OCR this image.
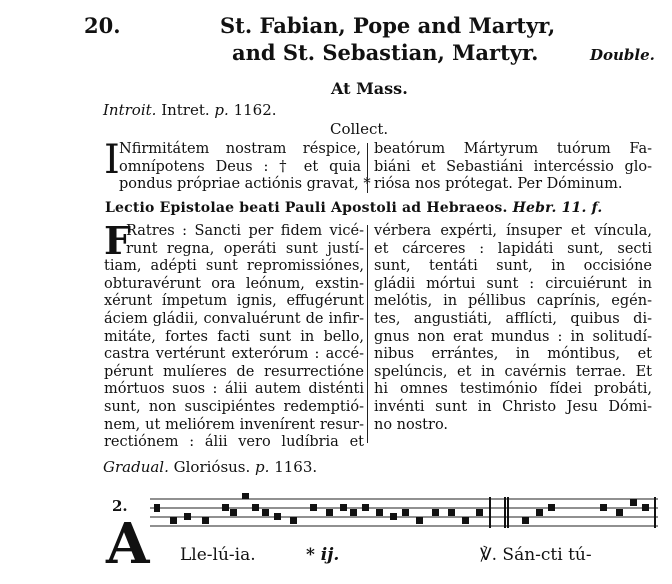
20.	St. Fabian, Pope and Martyr,
and St. Sebastian, Martyr.	Double.
At Mass.
Introit. Intret. p. 1162.
Collect.
I Nfirmitátem nostram réspice,
omnípotens Deus : † et quia
pondus própriae actiónis gravat, *
beatórum Mártyrum tuórum Fa-
biáni et Sebastiáni intercéssio glo-
riósa nos prótegat. Per Dóminum.
Lectio Epistolae beati Pauli Apostoli ad Hebraeos. Hebr. 11. f.
F
Ratres : Sancti per fidem vicé-
runt regna, operáti sunt justí-
tiam, adépti sunt repromissiónes,
obturavérunt ora leónum, exstin-
xérunt ímpetum ignis, effugérunt
áciem gládii, convaluérunt de infir-
mitáte, fortes facti sunt in bello,
castra vertérunt exterórum : accé-
pérunt mulíeres de resurrectióne
mórtuos suos : álii autem disténti
sunt, non suscipiéntes redemptió-
nem, ut meliórem invenírent resur-
rectiónem : álii vero ludíbria et
vérbera expérti, ínsuper et víncula,
et cárceres : lapidáti sunt, secti
sunt, tentáti sunt, in occisióne
gládii mórtui sunt : circuiérunt in
melótis, in péllibus caprínis, egén-
tes, angustiáti, afflícti, quibus di-
gnus non erat mundus : in solitudí-
nibus errántes, in móntibus, et
spelúncis, et in cavérnis terrae. Et
hi omnes testimónio fídei probáti,
invénti sunt in Christo Jesu Dómi-
no nostro.
Gradual. Gloriósus. p. 1163.
2.
A Lle-lú-ia.	* ij.	℣. Sán-cti tú-
